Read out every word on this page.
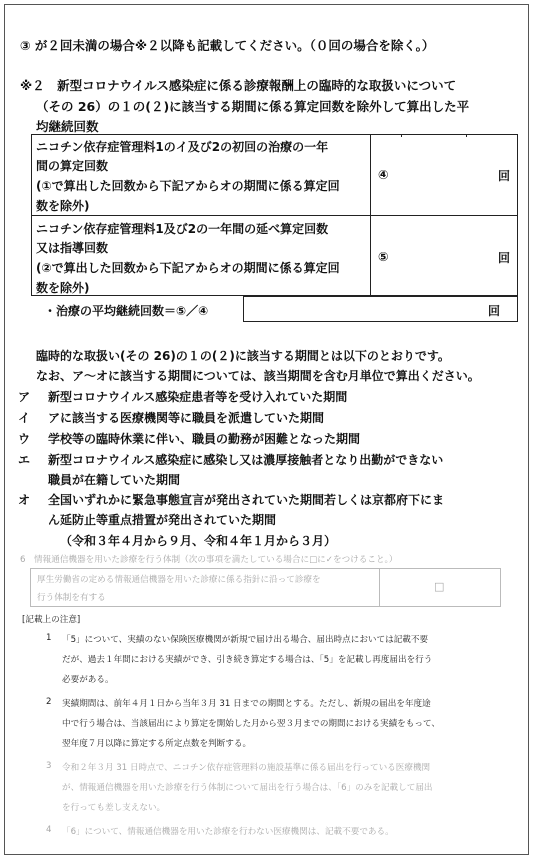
③ が２回未満の場合※２以降も記載してください。（０回の場合を除く。）
※２　新型コロナウイルス感染症に係る診療報酬上の臨時的な取扱いについて
（その 26）の１の(２)に該当する期間に係る算定回数を除外して算出した平
均継続回数
ニコチン依存症管理料1のイ及び2の初回の治療の一年
間の算定回数
(①で算出した回数から下記アからオの期間に係る算定回
数を除外)
④	回
ニコチン依存症管理料1及び2の一年間の延べ算定回数
又は指導回数
(②で算出した回数から下記アからオの期間に係る算定回
数を除外)
⑤	回
・治療の平均継続回数＝⑤／④	回
臨時的な取扱い(その 26)の１の(２)に該当する期間とは以下のとおりです。
なお、ア〜オに該当する期間については、該当期間を含む月単位で算出ください。
ア 新型コロナウイルス感染症患者等を受け入れていた期間
イ アに該当する医療機関等に職員を派遣していた期間
ウ 学校等の臨時休業に伴い、職員の勤務が困難となった期間
エ 新型コロナウイルス感染症に感染し又は濃厚接触者となり出勤ができない
職員が在籍していた期間
オ 全国いずれかに緊急事態宣言が発出されていた期間若しくは京都府下にま
ん延防止等重点措置が発出されていた期間
（令和３年４月から９月、令和４年１月から３月）
6　情報通信機器を用いた診療を行う体制（次の事項を満たしている場合に□に✓をつけること。）
厚生労働省の定める情報通信機器を用いた診療に係る指針に沿って診療を
行う体制を有する
□
[記載上の注意]
1 「5」について、実績のない保険医療機関が新規で届け出る場合、届出時点においては記載不要
だが、過去１年間における実績ができ、引き続き算定する場合は、「5」を記載し再度届出を行う
必要がある。
2 実績期間は、前年４月１日から当年３月 31 日までの期間とする。ただし、新規の届出を年度途
中で行う場合は、当該届出により算定を開始した月から翌３月までの期間における実績をもって、
翌年度７月以降に算定する所定点数を判断する。
3 令和２年３月 31 日時点で、ニコチン依存症管理料の施設基準に係る届出を行っている医療機関
が、情報通信機器を用いた診療を行う体制について届出を行う場合は、「6」のみを記載して届出
を行っても差し支えない。
4 「6」について、情報通信機器を用いた診療を行わない医療機関は、記載不要である。
